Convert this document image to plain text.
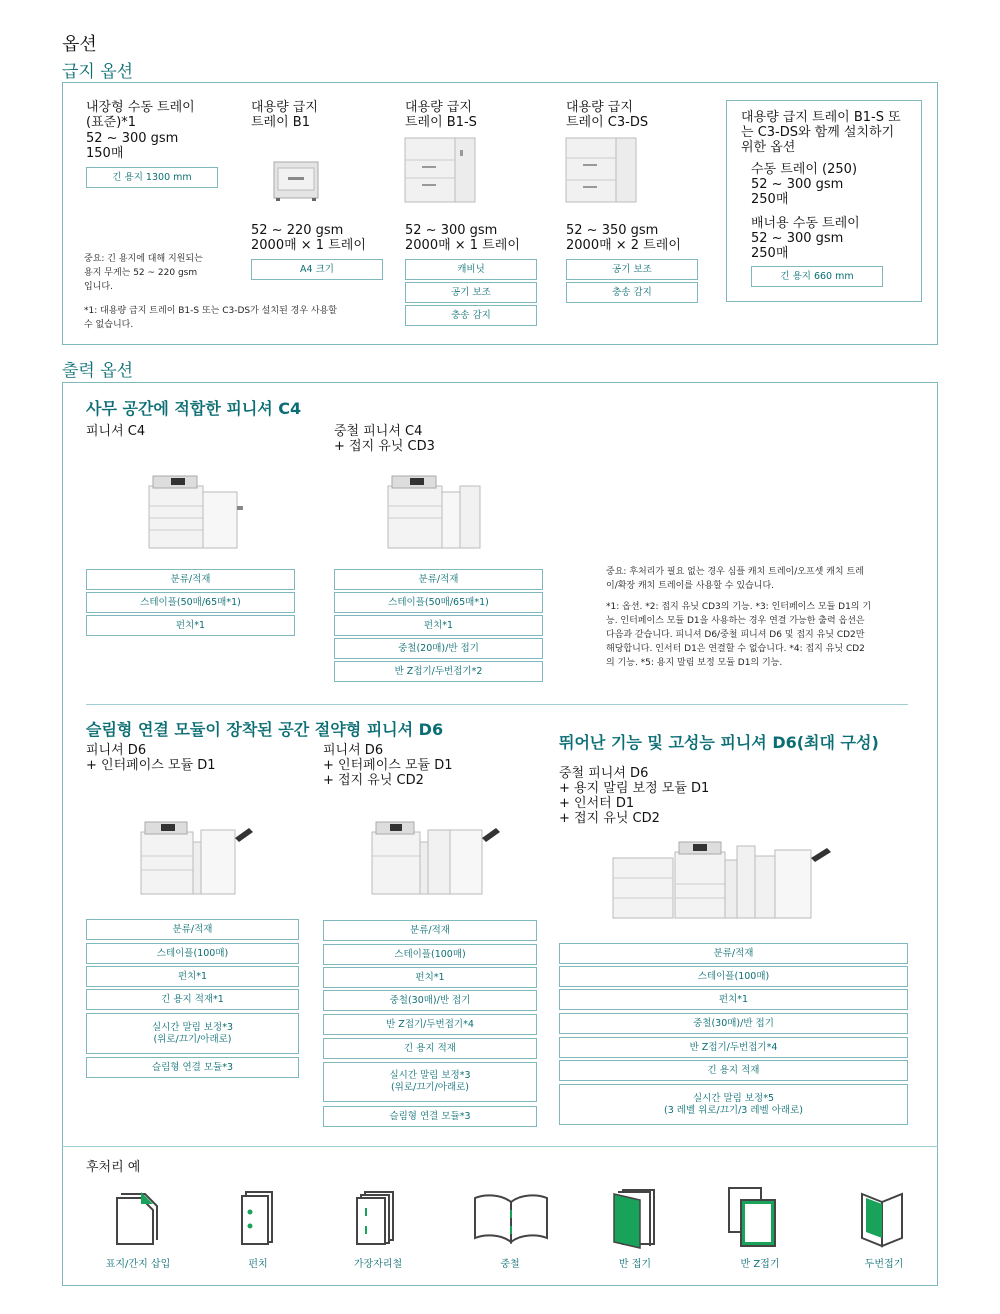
옵션
급지 옵션
내장형 수동 트레이
(표준)*1
52 ~ 300 gsm
150매
긴 용지 1300 mm
중요: 긴 용지에 대해 지원되는
용지 무게는 52 ~ 220 gsm
입니다.
*1: 대용량 급지 트레이 B1-S 또는 C3-DS가 설치된 경우 사용할
수 없습니다.
대용량 급지
트레이 B1
52 ~ 220 gsm
2000매 × 1 트레이
A4 크기
대용량 급지
트레이 B1-S
52 ~ 300 gsm
2000매 × 1 트레이
캐비닛
공기 보조
충송 감지
대용량 급지
트레이 C3-DS
52 ~ 350 gsm
2000매 × 2 트레이
공기 보조
충송 감지
대용량 급지 트레이 B1-S 또
는 C3-DS와 함께 설치하기
위한 옵션
수동 트레이 (250)
52 ~ 300 gsm
250매
배너용 수동 트레이
52 ~ 300 gsm
250매
긴 용지 660 mm
출력 옵션
사무 공간에 적합한 피니셔 C4
피니셔 C4	중철 피니셔 C4
+ 접지 유닛 CD3
분류/적재
스테이플(50매/65매*1)
펀치*1
분류/적재
스테이플(50매/65매*1)
펀치*1
중철(20매)/반 접기
반 Z접기/두번접기*2
중요: 후처리가 필요 없는 경우 심플 캐치 트레이/오프셋 캐치 트레
이/확장 캐치 트레이를 사용할 수 있습니다.
*1: 옵션. *2: 접지 유닛 CD3의 기능. *3: 인터페이스 모듈 D1의 기
능. 인터페이스 모듈 D1을 사용하는 경우 연결 가능한 출력 옵션은
다음과 같습니다. 피니셔 D6/중철 피니셔 D6 및 접지 유닛 CD2만
해당합니다. 인서터 D1은 연결할 수 없습니다. *4: 접지 유닛 CD2
의 기능. *5: 용지 말림 보정 모듈 D1의 기능.
슬림형 연결 모듈이 장착된 공간 절약형 피니셔 D6
피니셔 D6
+ 인터페이스 모듈 D1
피니셔 D6
+ 인터페이스 모듈 D1
+ 접지 유닛 CD2
분류/적재
스테이플(100매)
펀치*1
긴 용지 적재*1
실시간 말림 보정*3
(위로/끄기/아래로)
슬림형 연결 모듈*3
분류/적재
스테이플(100매)
펀치*1
중철(30매)/반 접기
반 Z접기/두번접기*4
긴 용지 적재
실시간 말림 보정*3
(위로/끄기/아래로)
슬림형 연결 모듈*3
뛰어난 기능 및 고성능 피니셔 D6(최대 구성)
중철 피니셔 D6
+ 용지 말림 보정 모듈 D1
+ 인서터 D1
+ 접지 유닛 CD2
분류/적재
스테이플(100매)
펀치*1
중철(30매)/반 접기
반 Z접기/두번접기*4
긴 용지 적재
실시간 말림 보정*5
(3 레벨 위로/끄기/3 레벨 아래로)
후처리 예
표지/간지 삽입	펀치	가장자리철	중철	반 접기	반 Z접기	두번접기
